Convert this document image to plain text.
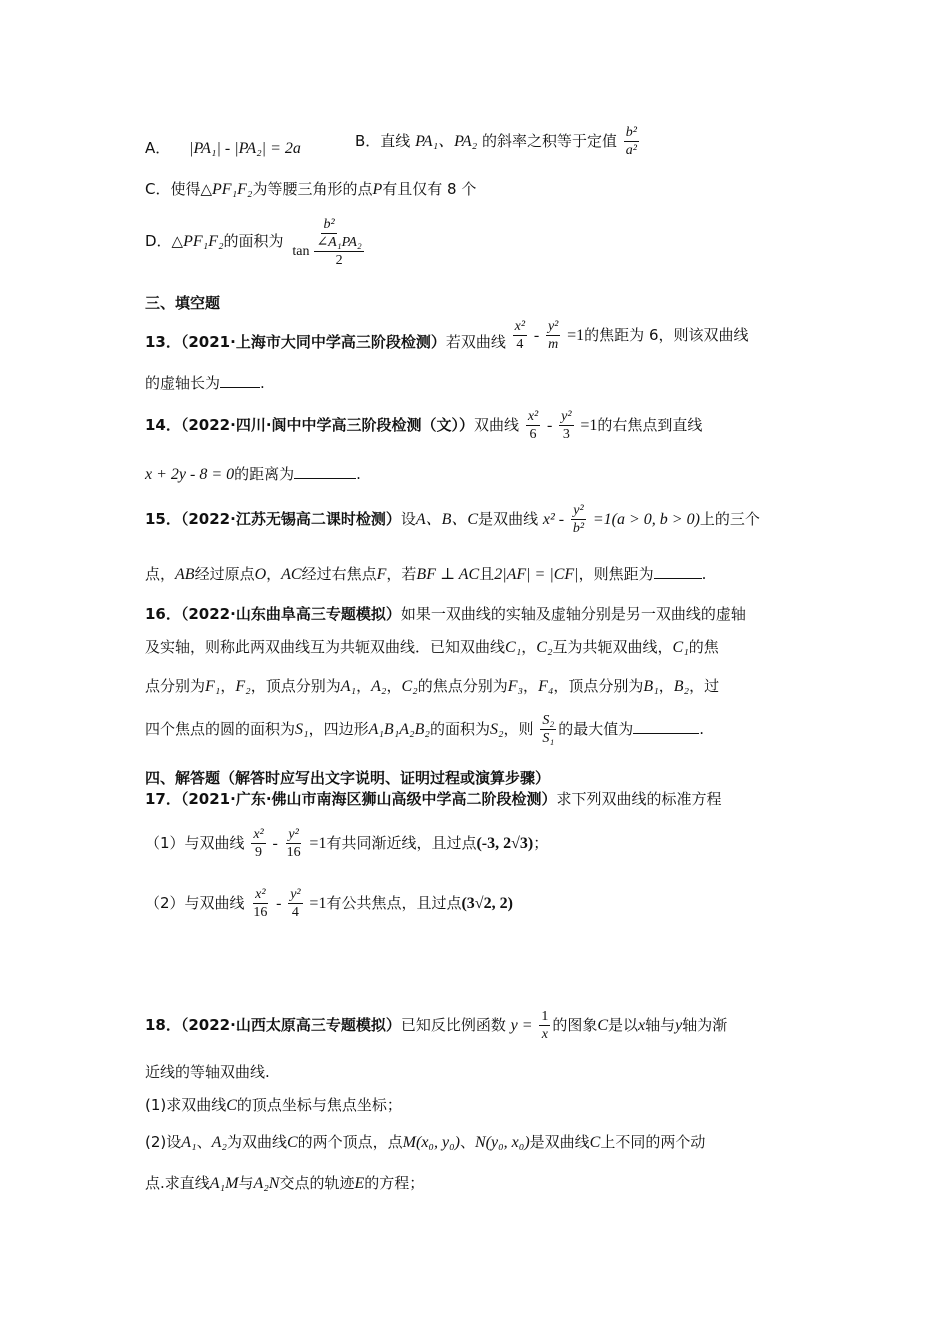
A． |PA₁| - |PA₂| = 2a	B．直线 PA₁、PA₂ 的斜率之积等于定值 $\frac{\text{b²}}{\text{a²}}$
C．使得△PF₁F₂为等腰三角形的点P有且仅有 8 个
D．△PF₁F₂的面积为 $\frac{\text{b²}}{\tan \frac{\text{∠A₁PA₂}}{2}}$
三、填空题
13．（2021·上海市大同中学高三阶段检测）若双曲线 $\frac{\text{x²}}{4} - \frac{\text{y²}}{m} =1$的焦距为 6，则该双曲线
的虚轴长为	.
14．（2022·四川·阆中中学高三阶段检测（文））双曲线 $\frac{\text{x²}}{6} - \frac{\text{y²}}{3} =1$的右焦点到直线
x + 2y - 8 = 0的距离为	.
15．（2022·江苏无锡高二课时检测）设A、B、C是双曲线 $x^2 - \frac{\text{y²}}{\text{b²}} =1(a > 0$, b > 0)上的三个
点，AB经过原点O，AC经过右焦点F，若BF ⊥ AC且2|AF| = |CF|，则焦距为	.
16．（2022·山东曲阜高三专题模拟）如果一双曲线的实轴及虚轴分别是另一双曲线的虚轴
及实轴，则称此两双曲线互为共轭双曲线．已知双曲线C₁，C₂互为共轭双曲线，C₁的焦
点分别为F₁，F₂，顶点分别为A₁，A₂，C₂的焦点分别为F₃，F₄，顶点分别为B₁，B₂，过
四个焦点的圆的面积为S₁，四边形A₁B₁A₂B₂的面积为S₂，则 $\frac{\text{S₂}}{\text{S₁}}$ 的最大值为	.
四、解答题（解答时应写出文字说明、证明过程或演算步骤）
17．（2021·广东·佛山市南海区狮山高级中学高二阶段检测）求下列双曲线的标准方程
（1）与双曲线 $\frac{\text{x²}}{9} - \frac{\text{y²}}{16} =1$有共同渐近线，且过点(-3, 2√3)；
（2）与双曲线 $\frac{\text{x²}}{16} - \frac{\text{y²}}{4} =1$有公共焦点，且过点(3√2, 2)
18．（2022·山西太原高三专题模拟）已知反比例函数 $y = \frac{1}{x}$ 的图象C是以x轴与y轴为渐
近线的等轴双曲线.
(1)求双曲线C的顶点坐标与焦点坐标；
(2)设A₁、A₂为双曲线C的两个顶点，点M(x₀, y₀)、N(y₀, x₀)是双曲线C上不同的两个动
点.求直线A₁M与A₂N交点的轨迹E的方程；
